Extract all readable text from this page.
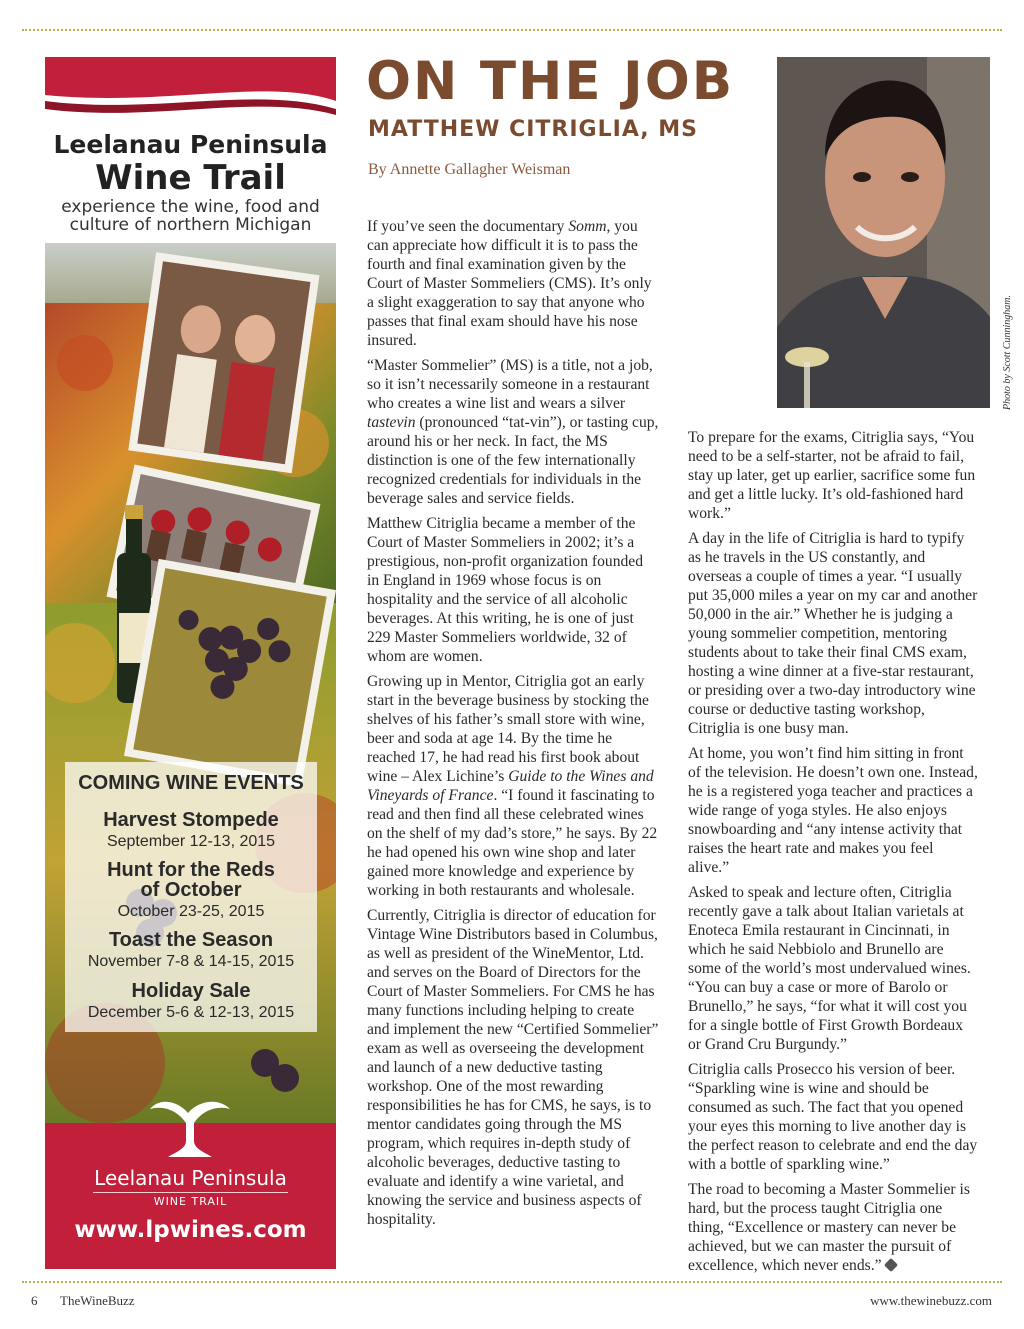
Leelanau Peninsula
Wine Trail
experience the wine, food and
culture of northern Michigan
COMING WINE EVENTS
Harvest Stompede
September 12-13, 2015
Hunt for the Reds
of October
October 23-25, 2015
Toast the Season
November 7-8 & 14-15, 2015
Holiday Sale
December 5-6 & 12-13, 2015
Leelanau Peninsula
WINE TRAIL
www.lpwines.com
ON THE JOB
MATTHEW CITRIGLIA, MS
By Annette Gallagher Weisman
Photo by Scott Cunningham.

If you’ve seen the documentary Somm, you can appreciate how difficult it is to pass the fourth and final examination given by the Court of Master Sommeliers (CMS). It’s only a slight exaggeration to say that anyone who passes that final exam should have his nose insured.

“Master Sommelier” (MS) is a title, not a job, so it isn’t necessarily someone in a restaurant who creates a wine list and wears a silver tastevin (pronounced “tat-vin”), or tasting cup, around his or her neck. In fact, the MS distinction is one of the few internationally recognized credentials for individuals in the beverage sales and service fields.

Matthew Citriglia became a member of the Court of Master Sommeliers in 2002; it’s a prestigious, non-profit organization founded in England in 1969 whose focus is on hospitality and the service of all alcoholic beverages. At this writing, he is one of just 229 Master Sommeliers worldwide, 32 of whom are women.

Growing up in Mentor, Citriglia got an early start in the beverage business by stocking the shelves of his father’s small store with wine, beer and soda at age 14. By the time he reached 17, he had read his first book about wine – Alex Lichine’s Guide to the Wines and Vineyards of France. “I found it fascinating to read and then find all these celebrated wines on the shelf of my dad’s store,” he says. By 22 he had opened his own wine shop and later gained more knowledge and experience by working in both restaurants and wholesale.

Currently, Citriglia is director of education for Vintage Wine Distributors based in Columbus, as well as president of the WineMentor, Ltd. and serves on the Board of Directors for the Court of Master Sommeliers. For CMS he has many functions including helping to create and implement the new “Certified Sommelier” exam as well as overseeing the development and launch of a new deductive tasting workshop. One of the most rewarding responsibilities he has for CMS, he says, is to mentor candidates going through the MS program, which requires in-depth study of alcoholic beverages, deductive tasting to evaluate and identify a wine varietal, and knowing the service and business aspects of hospitality.

To prepare for the exams, Citriglia says, “You need to be a self-starter, not be afraid to fail, stay up later, get up earlier, sacrifice some fun and get a little lucky. It’s old-fashioned hard work.”

A day in the life of Citriglia is hard to typify as he travels in the US constantly, and overseas a couple of times a year. “I usually put 35,000 miles a year on my car and another 50,000 in the air.” Whether he is judging a young sommelier competition, mentoring students about to take their final CMS exam, hosting a wine dinner at a five-star restaurant, or presiding over a two-day introductory wine course or deductive tasting workshop, Citriglia is one busy man.

At home, you won’t find him sitting in front of the television. He doesn’t own one. Instead, he is a registered yoga teacher and practices a wide range of yoga styles. He also enjoys snowboarding and “any intense activity that raises the heart rate and makes you feel alive.”

Asked to speak and lecture often, Citriglia recently gave a talk about Italian varietals at Enoteca Emila restaurant in Cincinnati, in which he said Nebbiolo and Brunello are some of the world’s most undervalued wines. “You can buy a case or more of Barolo or Brunello,” he says, “for what it will cost you for a single bottle of First Growth Bordeaux or Grand Cru Burgundy.”

Citriglia calls Prosecco his version of beer. “Sparkling wine is wine and should be consumed as such. The fact that you opened your eyes this morning to live another day is the perfect reason to celebrate and end the day with a bottle of sparkling wine.”

The road to becoming a Master Sommelier is hard, but the process taught Citriglia one thing, “Excellence or mastery can never be achieved, but we can master the pursuit of excellence, which never ends.”

6 TheWineBuzz	www.thewinebuzz.com
